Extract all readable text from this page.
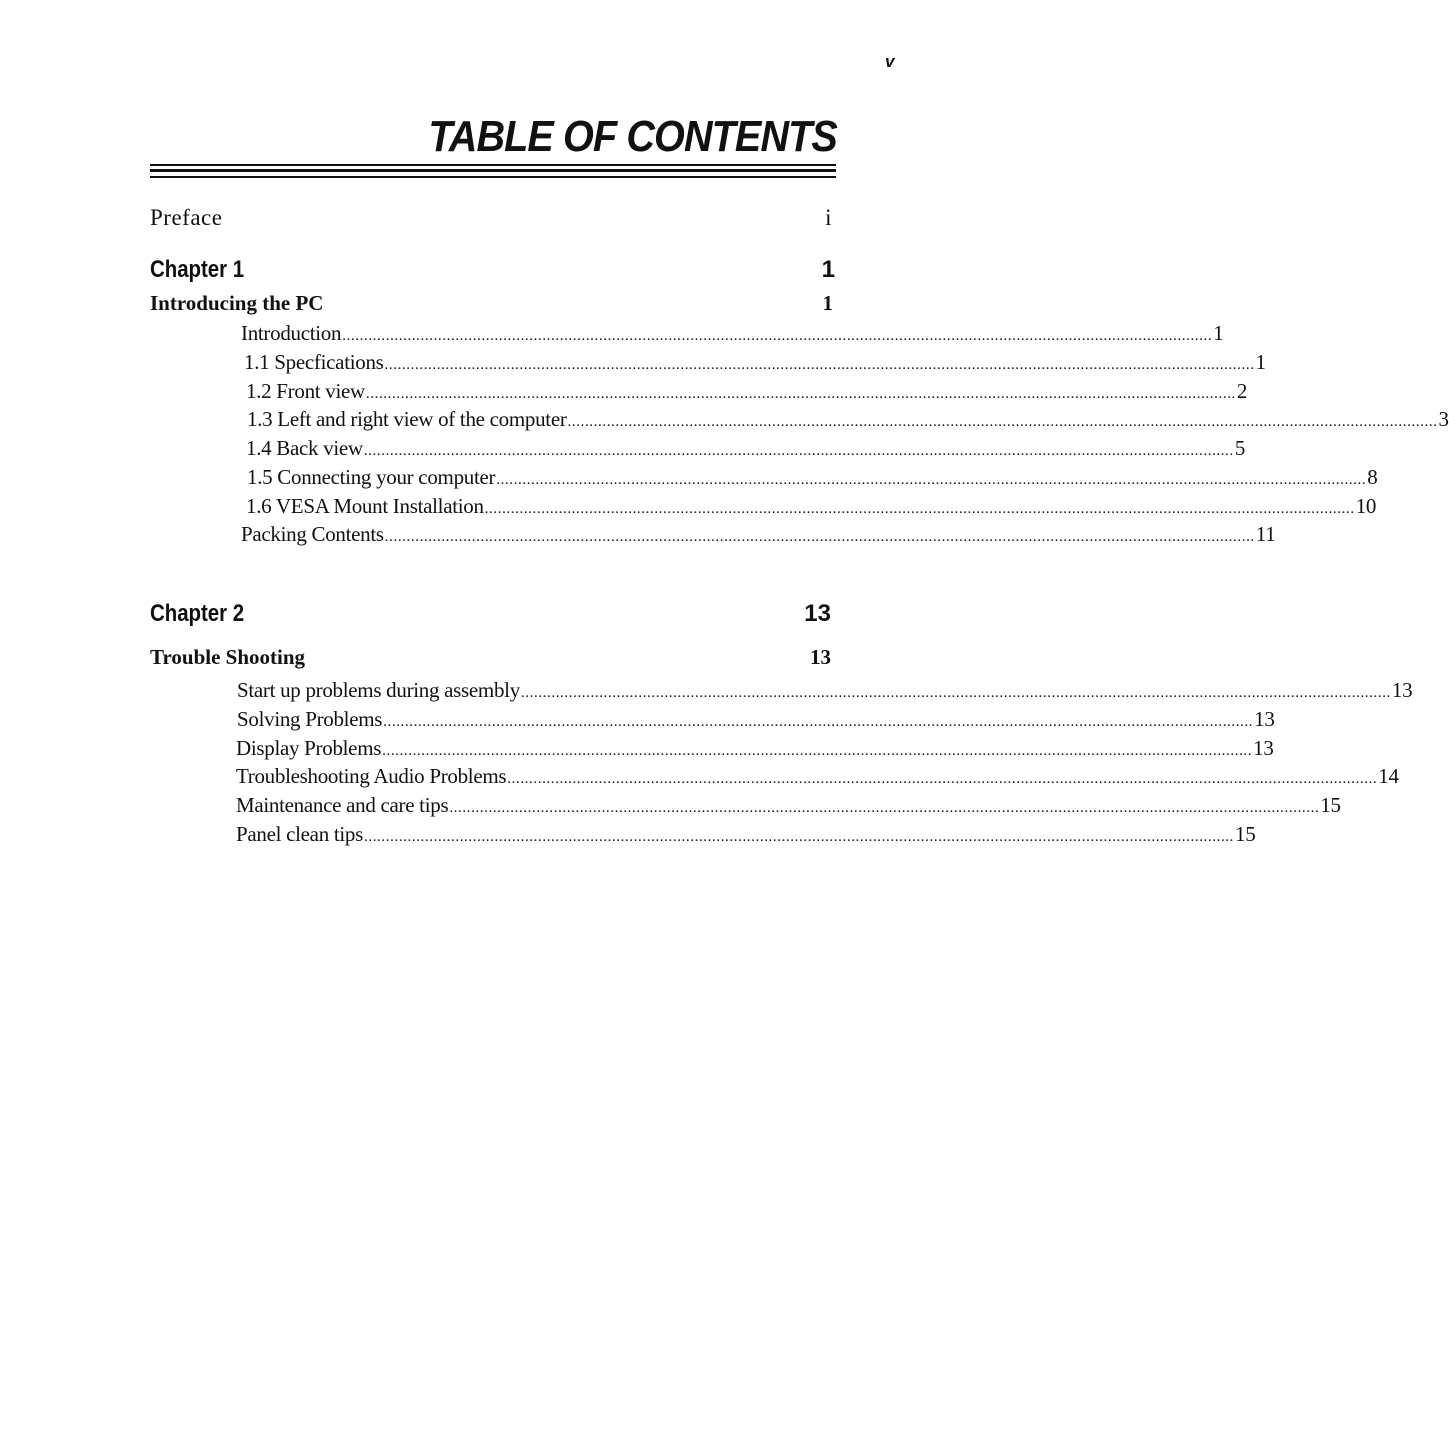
v
TABLE OF CONTENTS
Preface	i
Chapter 1	1
Introducing the PC	1
Introduction ........................................................................................................................................................................................................ 1
1.1 Specfications ........................................................................................................................................................................................................ 1
1.2 Front view ........................................................................................................................................................................................................ 2
1.3 Left and right view of the computer ........................................................................................................................................................................................................ 3
1.4 Back view ........................................................................................................................................................................................................ 5
1.5 Connecting your computer ........................................................................................................................................................................................................ 8
1.6 VESA Mount Installation ........................................................................................................................................................................................................ 10
Packing Contents ........................................................................................................................................................................................................ 11
Chapter 2	13
Trouble Shooting	13
Start up problems during assembly ........................................................................................................................................................................................................ 13
Solving Problems ........................................................................................................................................................................................................ 13
Display Problems ........................................................................................................................................................................................................ 13
Troubleshooting Audio Problems ........................................................................................................................................................................................................ 14
Maintenance and care tips ........................................................................................................................................................................................................ 15
Panel clean tips ........................................................................................................................................................................................................ 15
